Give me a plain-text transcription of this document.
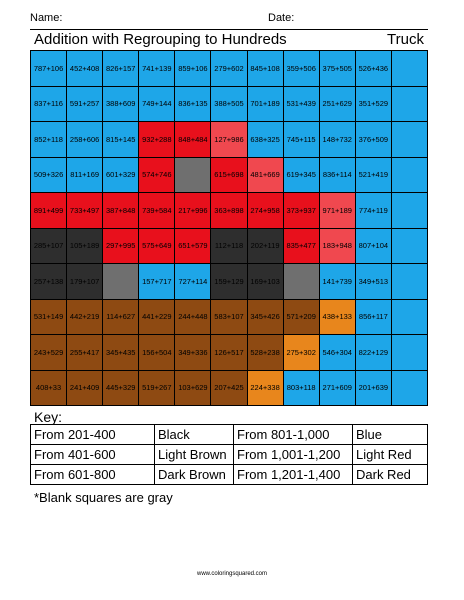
Name:	Date:
Addition with Regrouping to Hundreds	Truck
787+106 452+408 826+157 741+139 859+106 279+602 845+108 359+506 375+505 526+436
837+116 591+257 388+609 749+144 836+135 388+505 701+189 531+439 251+629 351+529
852+118 258+606 815+145 932+288 848+484 127+986 638+325 745+115 148+732 376+509
509+326 811+169 601+329 574+746	615+698 481+669 619+345 836+114 521+419
891+499 733+497 387+848 739+584 217+996 363+898 274+958 373+937 971+189 774+119
285+107 105+189 297+995 575+649 651+579 112+118	202+119 835+477 183+948 807+104
257+138 179+107	157+717 727+114 159+129 169+103	141+739 349+513
531+149 442+219 114+627 441+229 244+448 583+107 345+426 571+209 438+133 856+117
243+529 255+417 345+435 156+504 349+336 126+517 528+238 275+302 546+304 822+129
408+33	241+409 445+329 519+267 103+629 207+425 224+338 803+118 271+609 201+639
Key:
From 201-400	Black	From 801-1,000	Blue
From 401-600	Light Brown	From 1,001-1,200	Light Red
From 601-800	Dark Brown	From 1,201-1,400	Dark Red
*Blank squares are gray
www.coloringsquared.com
